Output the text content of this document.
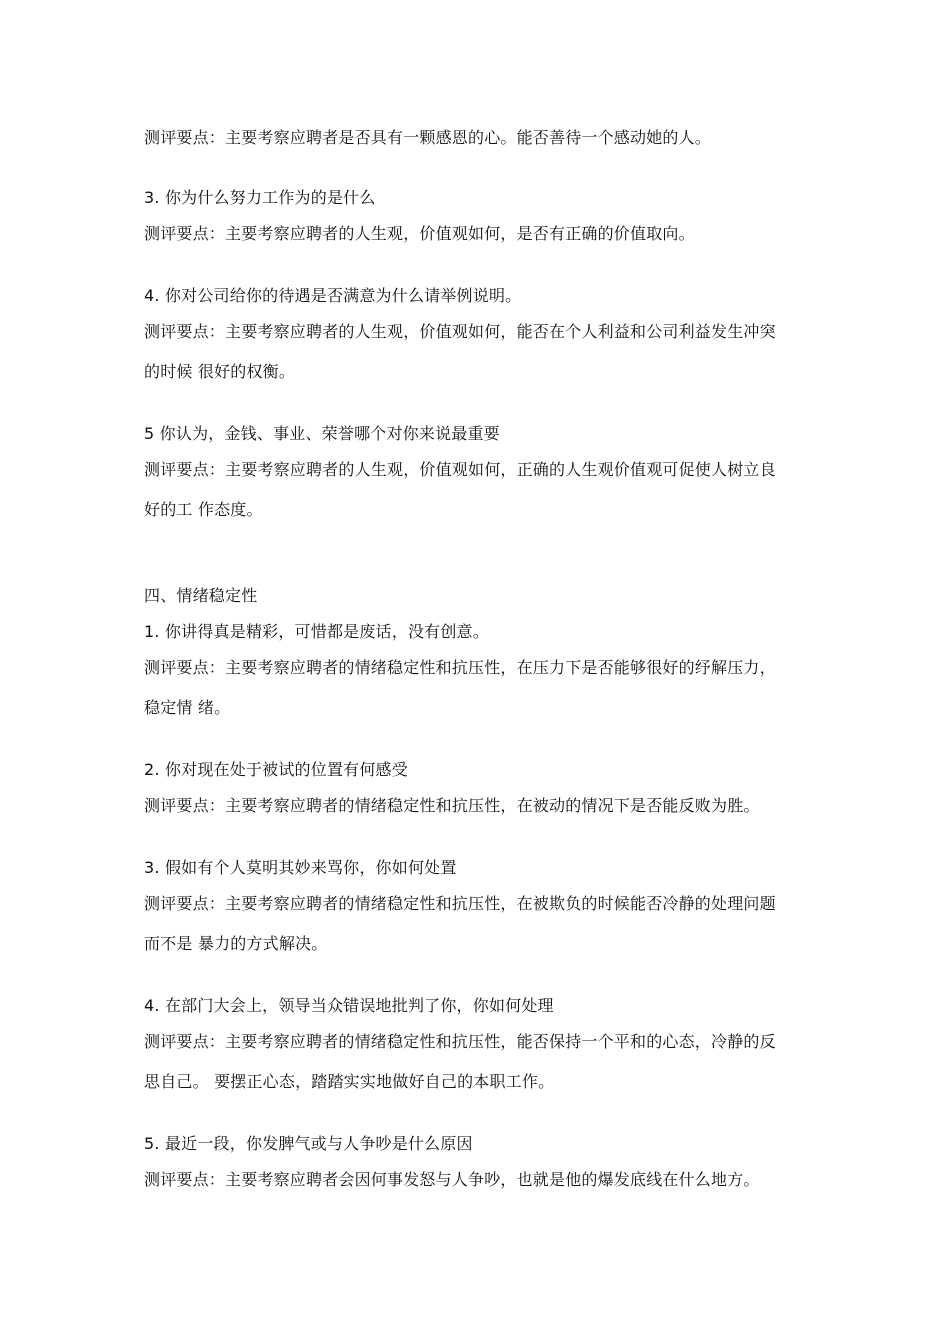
测评要点：主要考察应聘者是否具有一颗感恩的心。能否善待一个感动她的人。
3. 你为什么努力工作为的是什么
测评要点：主要考察应聘者的人生观，价值观如何，是否有正确的价值取向。
4. 你对公司给你的待遇是否满意为什么请举例说明。
测评要点：主要考察应聘者的人生观，价值观如何，能否在个人利益和公司利益发生冲突
的时候 很好的权衡。
5 你认为，金钱、事业、荣誉哪个对你来说最重要
测评要点：主要考察应聘者的人生观，价值观如何，正确的人生观价值观可促使人树立良
好的工 作态度。
四、情绪稳定性
1. 你讲得真是精彩，可惜都是废话，没有创意。
测评要点：主要考察应聘者的情绪稳定性和抗压性，在压力下是否能够很好的纾解压力，
稳定情 绪。
2. 你对现在处于被试的位置有何感受
测评要点：主要考察应聘者的情绪稳定性和抗压性，在被动的情况下是否能反败为胜。
3. 假如有个人莫明其妙来骂你，你如何处置
测评要点：主要考察应聘者的情绪稳定性和抗压性，在被欺负的时候能否冷静的处理问题
而不是 暴力的方式解决。
4. 在部门大会上，领导当众错误地批判了你，你如何处理
测评要点：主要考察应聘者的情绪稳定性和抗压性，能否保持一个平和的心态，冷静的反
思自己。 要摆正心态，踏踏实实地做好自己的本职工作。
5. 最近一段，你发脾气或与人争吵是什么原因
测评要点：主要考察应聘者会因何事发怒与人争吵，也就是他的爆发底线在什么地方。
